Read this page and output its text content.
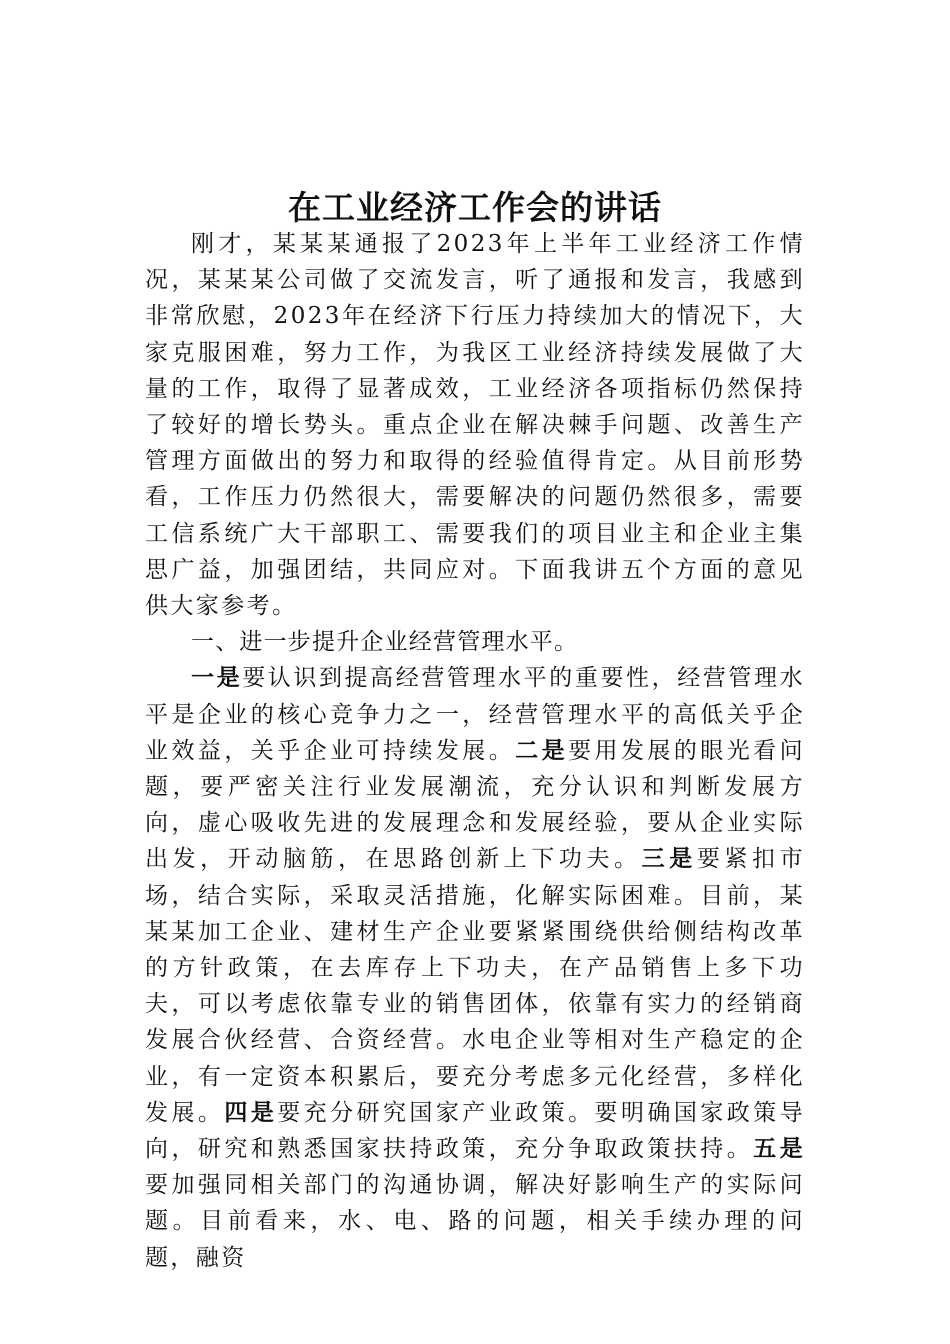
在工业经济工作会的讲话

刚才，某某某通报了2023年上半年工业经济工作情况，某某某公司做了交流发言，听了通报和发言，我感到非常欣慰，2023年在经济下行压力持续加大的情况下，大家克服困难，努力工作，为我区工业经济持续发展做了大量的工作，取得了显著成效，工业经济各项指标仍然保持了较好的增长势头。重点企业在解决棘手问题、改善生产管理方面做出的努力和取得的经验值得肯定。从目前形势看，工作压力仍然很大，需要解决的问题仍然很多，需要工信系统广大干部职工、需要我们的项目业主和企业主集思广益，加强团结，共同应对。下面我讲五个方面的意见供大家参考。

一、进一步提升企业经营管理水平。

一是要认识到提高经营管理水平的重要性，经营管理水平是企业的核心竞争力之一，经营管理水平的高低关乎企业效益，关乎企业可持续发展。二是要用发展的眼光看问题，要严密关注行业发展潮流，充分认识和判断发展方向，虚心吸收先进的发展理念和发展经验，要从企业实际出发，开动脑筋，在思路创新上下功夫。三是要紧扣市场，结合实际，采取灵活措施，化解实际困难。目前，某某某加工企业、建材生产企业要紧紧围绕供给侧结构改革的方针政策，在去库存上下功夫，在产品销售上多下功夫，可以考虑依靠专业的销售团体，依靠有实力的经销商发展合伙经营、合资经营。水电企业等相对生产稳定的企业，有一定资本积累后，要充分考虑多元化经营，多样化发展。四是要充分研究国家产业政策。要明确国家政策导向，研究和熟悉国家扶持政策，充分争取政策扶持。五是要加强同相关部门的沟通协调，解决好影响生产的实际问题。目前看来，水、电、路的问题，相关手续办理的问题，融资
